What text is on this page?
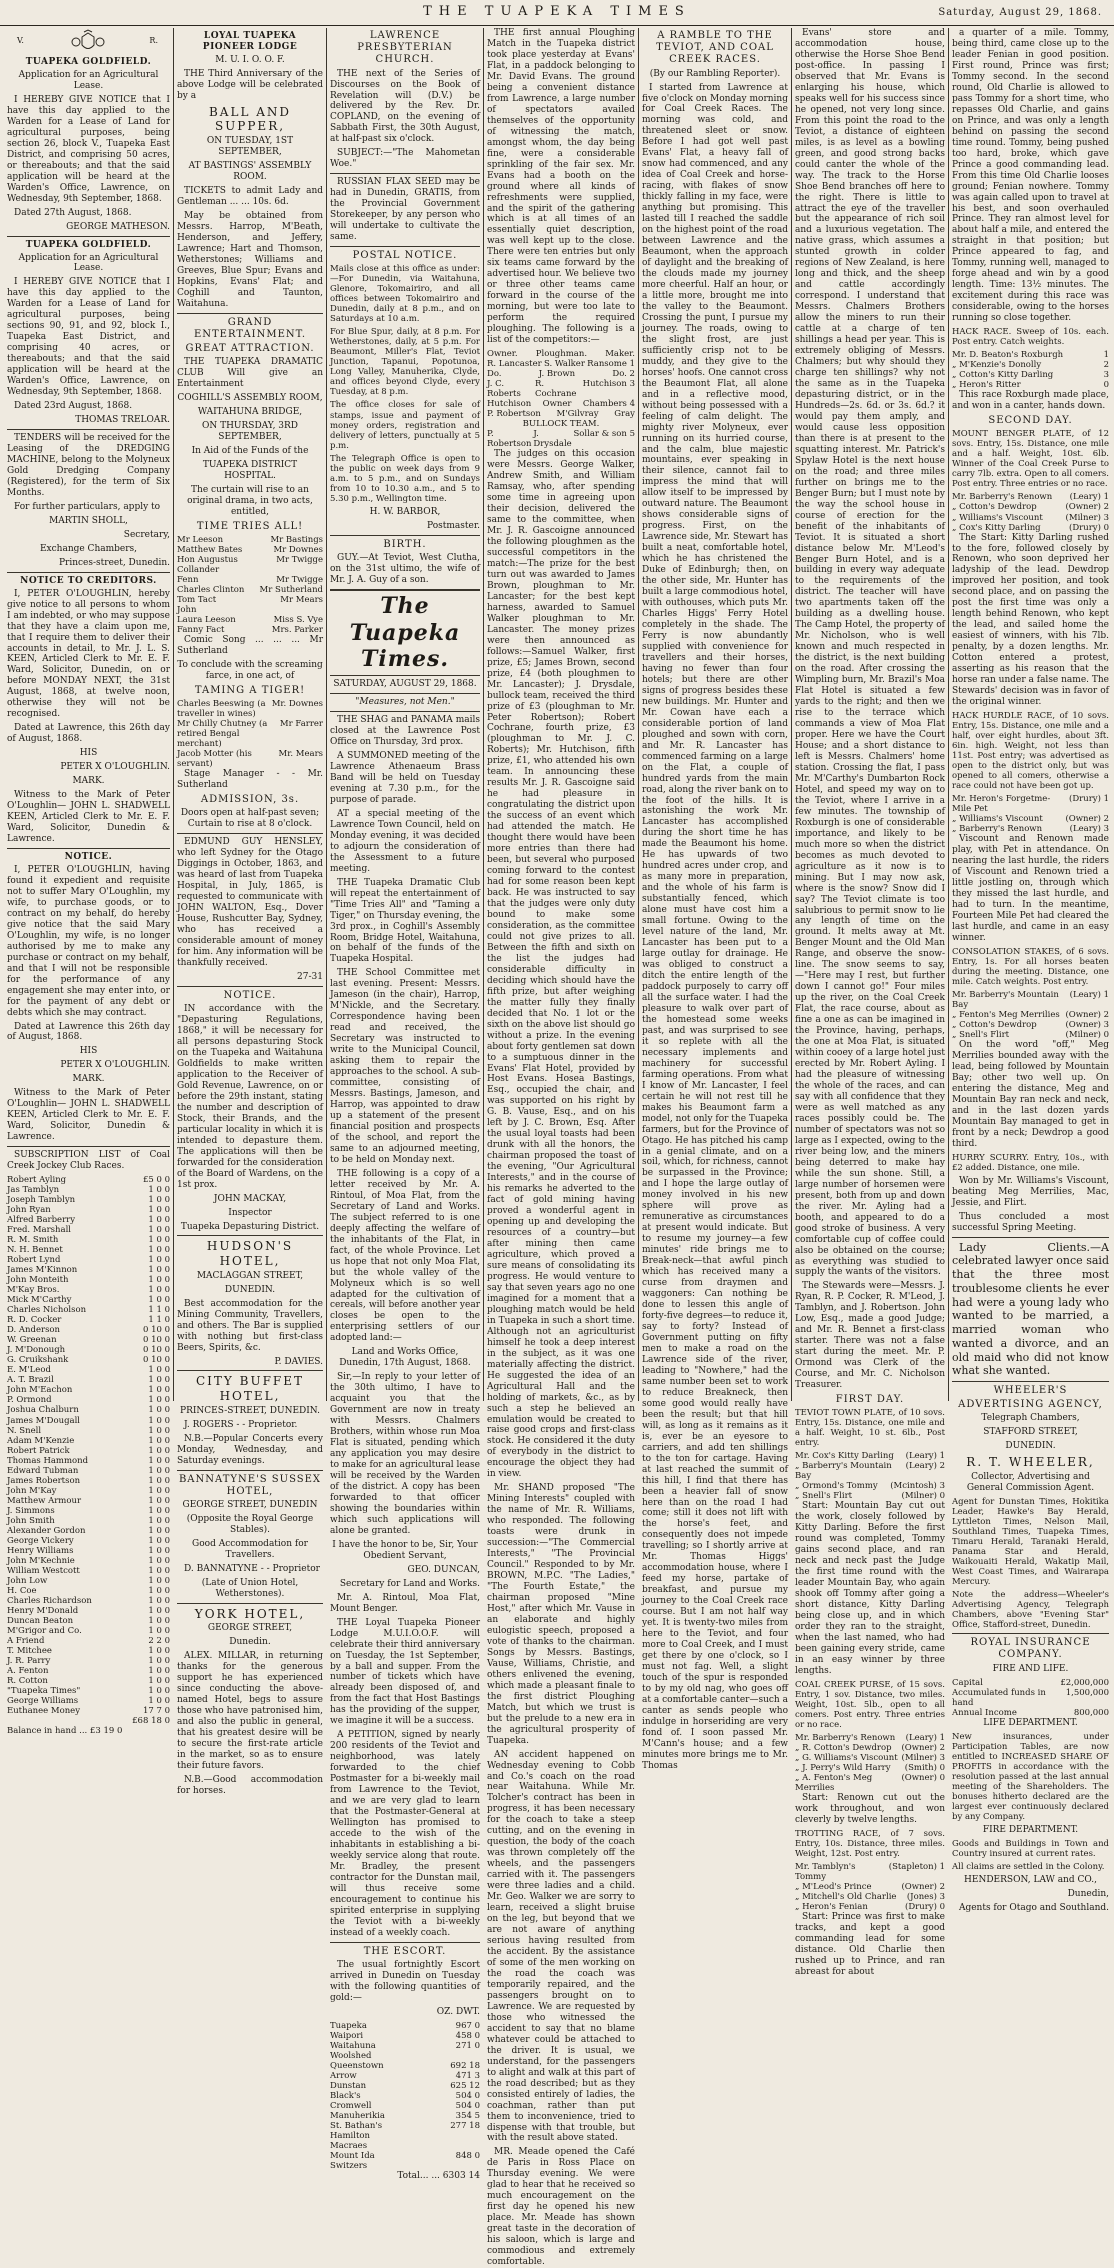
THE TUAPEKA TIMES	Saturday, August 29, 1868.
V.	R.
TUAPEKA GOLDFIELD.

Application for an Agricultural Lease.

I HEREBY GIVE NOTICE that I have this day applied to the Warden for a Lease of Land for agricultural purposes, being section 26, block V., Tuapeka East District, and comprising 50 acres, or thereabouts; and that the said application will be heard at the Warden's Office, Lawrence, on Wednesday, 9th September, 1868.

Dated 27th August, 1868.

GEORGE MATHESON.

TUAPEKA GOLDFIELD.

Application for an Agricultural Lease.

I HEREBY GIVE NOTICE that I have this day applied to the Warden for a Lease of Land for agricultural purposes, being sections 90, 91, and 92, block I., Tuapeka East District, and comprising 40 acres, or thereabouts; and that the said application will be heard at the Warden's Office, Lawrence, on Wednesday, 9th September, 1868.

Dated 23rd August, 1868.

THOMAS TRELOAR.

TENDERS will be received for the Leasing of the DREDGING MACHINE, belong to the Molyneux Gold Dredging Company (Registered), for the term of Six Months.

For further particulars, apply to

MARTIN SHOLL,

Secretary,

Exchange Chambers,

Princes-street, Dunedin.

NOTICE TO CREDITORS.

I, PETER O'LOUGHLIN, hereby give notice to all persons to whom I am indebted, or who may suppose that they have a claim upon me, that I require them to deliver their accounts in detail, to Mr. J. L. S. KEEN, Articled Clerk to Mr. E. F. Ward, Solicitor, Dunedin, on or before MONDAY NEXT, the 31st August, 1868, at twelve noon, otherwise they will not be recognised.

Dated at Lawrence, this 26th day of August, 1868.

HIS

PETER X O'LOUGHLIN.

MARK.

Witness to the Mark of Peter O'Loughlin— JOHN L. SHADWELL KEEN, Articled Clerk to Mr. E. F. Ward, Solicitor, Dunedin & Lawrence.

NOTICE.

I, PETER O'LOUGHLIN, having found it expedient and requisite not to suffer Mary O'Loughlin, my wife, to purchase goods, or to contract on my behalf, do hereby give notice that the said Mary O'Loughlin, my wife, is no longer authorised by me to make any purchase or contract on my behalf, and that I will not be responsible for the performance of any engagement she may enter into, or for the payment of any debt or debts which she may contract.

Dated at Lawrence this 26th day of August, 1868.

HIS

PETER X O'LOUGHLIN.

MARK.

Witness to the Mark of Peter O'Loughlin— JOHN L. SHADWELL KEEN, Articled Clerk to Mr. E. F. Ward, Solicitor, Dunedin & Lawrence.

SUBSCRIPTION LIST of Coal Creek Jockey Club Races.

Robert Ayling	£5 0 0
Jas Tamblyn	1 0 0
Joseph Tamblyn	1 0 0
John Ryan	1 0 0
Alfred Barberry	1 0 0
Fred. Marshall	1 0 0
R. M. Smith	1 0 0
N. H. Bennet	1 0 0
Robert Lynd	1 0 0
James M'Kinnon	1 0 0
John Monteith	1 0 0
M'Kay Bros.	1 0 0
Mick M'Carthy	1 0 0
Charles Nicholson	1 1 0
R. D. Cocker	1 1 0
D. Anderson	0 10 0
W. Greenan	0 10 0
J. M'Donough	0 10 0
G. Cruikshank	0 10 0
E. M'Leod	1 0 0
A. T. Brazil	1 0 0
John M'Eachon	1 0 0
P. Ormond	1 0 0
Joshua Chalburn	1 0 0
James M'Dougall	1 0 0
N. Snell	1 0 0
Adam M'Kenzie	1 0 0
Robert Patrick	1 0 0
Thomas Hammond	1 0 0
Edward Tubman	1 0 0
James Robertson	1 0 0
John M'Kay	1 0 0
Matthew Armour	1 0 0
J. Simmons	1 0 0
John Smith	1 0 0
Alexander Gordon	1 0 0
George Vickery	1 0 0
Henry Williams	1 0 0
John M'Kechnie	1 0 0
William Westcott	1 0 0
John Low	1 0 0
H. Coe	1 0 0
Charles Richardson	1 0 0
Henry M'Donald	1 0 0
Duncan Beaton	1 0 0
M'Grigor and Co.	1 0 0
A Friend	2 2 0
T. Mitchee	1 0 0
J. R. Parry	1 0 0
A. Fenton	1 0 0
R. Cotton	1 0 0
"Tuapeka Times"	1 0 0
George Williams	1 0 0
Euthanee Money	17 7 0
£68 18 0
Balance in hand ... £3 19 0
LOYAL TUAPEKA PIONEER LODGE

M. U. I. O. O. F.

THE Third Anniversary of the above Lodge will be celebrated by a

BALL AND SUPPER,

ON TUESDAY, 1ST SEPTEMBER,

AT BASTINGS' ASSEMBLY ROOM.

TICKETS to admit Lady and Gentleman ... ... 10s. 6d.

May be obtained from Messrs. Harrop, M'Beath, Henderson, and Jeffery, Lawrence; Hart and Thomson, Wetherstones; Williams and Greeves, Blue Spur; Evans and Hopkins, Evans' Flat; and Coghill and Taunton, Waitahuna.

GRAND ENTERTAINMENT.
GREAT ATTRACTION.

THE TUAPEKA DRAMATIC CLUB Will give an Entertainment

COGHILL'S ASSEMBLY ROOM,

WAITAHUNA BRIDGE,

ON THURSDAY, 3RD SEPTEMBER,

In Aid of the Funds of the

TUAPEKA DISTRICT HOSPITAL.

The curtain will rise to an original drama, in two acts, entitled,

TIME TRIES ALL!
Mr Leeson	Mr Bastings
Matthew Bates	Mr Downes
Hon Augustus Collander
Mr Twigge
Fenn	Mr Twigge
Charles Clinton Mr Sutherland
Tom Tact	Mr Mears
John
Laura Leeson	Miss S. Vye
Fanny Fact	Mrs. Parker

Comic Song ... ... ... Mr Sutherland

To conclude with the screaming farce, in one act, of

TAMING A TIGER!
Charles Beeswing (a traveller in wines)
Mr. Downes
Mr Chilly Chutney (a retired Bengal merchant)
Mr Farrer
Jacob Motter (his servant)
Mr. Mears

Stage Manager - - Mr. Sutherland

ADMISSION, 3s.

Doors open at half-past seven; Curtain to rise at 8 o'clock.

EDMUND GUY HENSLEY, who left Sydney for the Otago Diggings in October, 1863, and was heard of last from Tuapeka Hospital, in July, 1865, is requested to communicate with JOHN WALTON, Esq., Dover House, Rushcutter Bay, Sydney, who has received a considerable amount of money for him. Any information will be thankfully received.

27-31

NOTICE.

IN accordance with the "Depasturing Regulations, 1868," it will be necessary for all persons depasturing Stock on the Tuapeka and Waitahuna Goldfields to make written application to the Receiver of Gold Revenue, Lawrence, on or before the 29th instant, stating the number and description of Stock, their Brands, and the particular locality in which it is intended to depasture them. The applications will then be forwarded for the consideration of the Board of Wardens, on the 1st prox.

JOHN MACKAY,

Inspector

Tuapeka Depasturing District.

HUDSON'S HOTEL,

MACLAGGAN STREET,

DUNEDIN.

Best accommodation for the Mining Community, Travellers, and others. The Bar is supplied with nothing but first-class Beers, Spirits, &c.

P. DAVIES.

CITY BUFFET HOTEL,

PRINCES-STREET, DUNEDIN.

J. ROGERS - - Proprietor.

N.B.—Popular Concerts every Monday, Wednesday, and Saturday evenings.

BANNATYNE'S SUSSEX HOTEL,

GEORGE STREET, DUNEDIN

(Opposite the Royal George Stables).

Good Accommodation for Travellers.

D. BANNATYNE - - Proprietor

(Late of Union Hotel, Wetherstones).

YORK HOTEL,

GEORGE STREET,

Dunedin.

ALEX. MILLAR, in returning thanks for the generous support he has experienced since conducting the above-named Hotel, begs to assure those who have patronised him, and also the public in general, that his greatest desire will be to secure the first-rate article in the market, so as to ensure their future favors.

N.B.—Good accommodation for horses.

LAWRENCE PRESBYTERIAN CHURCH.

THE next of the Series of Discourses on the Book of Revelation will (D.V.) be delivered by the Rev. Dr. COPLAND, on the evening of Sabbath First, the 30th August, at half-past six o'clock.

SUBJECT:—"The Mahometan Woe."

RUSSIAN FLAX SEED may be had in Dunedin, GRATIS, from the Provincial Government Storekeeper, by any person who will undertake to cultivate the same.

POSTAL NOTICE.

Mails close at this office as under:—For Dunedin, via Waitahuna, Glenore, Tokomairiro, and all offices between Tokomairiro and Dunedin, daily at 8 p.m., and on Saturdays at 10 a.m.

For Blue Spur, daily, at 8 p.m. For Wetherstones, daily, at 5 p.m. For Beaumont, Miller's Flat, Teviot Junction, Tapanui, Popotunoa, Long Valley, Manuherika, Clyde, and offices beyond Clyde, every Tuesday, at 8 p.m.

The office closes for sale of stamps, issue and payment of money orders, registration and delivery of letters, punctually at 5 p.m.

The Telegraph Office is open to the public on week days from 9 a.m. to 5 p.m., and on Sundays from 10 to 10.30 a.m., and 5 to 5.30 p.m., Wellington time.

H. W. BARBOR,

Postmaster.

BIRTH.

GUY.—At Teviot, West Clutha, on the 31st ultimo, the wife of Mr. J. A. Guy of a son.

The Tuapeka Times.

SATURDAY, AUGUST 29, 1868.

"Measures, not Men."

THE SHAG and PANAMA mails closed at the Lawrence Post Office on Thursday, 3rd prox.

A SUMMONED meeting of the Lawrence Athenaeum Brass Band will be held on Tuesday evening at 7.30 p.m., for the purpose of parade.

AT a special meeting of the Lawrence Town Council, held on Monday evening, it was decided to adjourn the consideration of the Assessment to a future meeting.

THE Tuapeka Dramatic Club will repeat the entertainment of "Time Tries All" and "Taming a Tiger," on Thursday evening, the 3rd prox., in Coghill's Assembly Room, Bridge Hotel, Waitahuna, on behalf of the funds of the Tuapeka Hospital.

THE School Committee met last evening. Present: Messrs. Jameson (in the chair), Harrop, M'Nickle, and the Secretary. Correspondence having been read and received, the Secretary was instructed to write to the Municipal Council, asking them to repair the approaches to the school. A sub-committee, consisting of Messrs. Bastings, Jameson, and Harrop, was appointed to draw up a statement of the present financial position and prospects of the school, and report the same to an adjourned meeting, to be held on Monday next.

THE following is a copy of a letter received by Mr. A. Rintoul, of Moa Flat, from the Secretary of Land and Works. The subject referred to is one deeply affecting the welfare of the inhabitants of the Flat, in fact, of the whole Province. Let us hope that not only Moa Flat, but the whole valley of the Molyneux which is so well adapted for the cultivation of cereals, will before another year closes be open to the enterprising settlers of our adopted land:—

Land and Works Office, Dunedin, 17th August, 1868.

Sir,—In reply to your letter of the 30th ultimo, I have to acquaint you that the Government are now in treaty with Messrs. Chalmers Brothers, within whose run Moa Flat is situated, pending which any application you may desire to make for an agricultural lease will be received by the Warden of the district. A copy has been forwarded to that officer showing the boundaries within which such applications will alone be granted.

I have the honor to be, Sir, Your Obedient Servant,

GEO. DUNCAN,

Secretary for Land and Works.

Mr. A. Rintoul, Moa Flat, Mount Benger.

THE Loyal Tuapeka Pioneer Lodge M.U.I.O.O.F. will celebrate their third anniversary on Tuesday, the 1st September, by a ball and supper. From the number of tickets which have already been disposed of, and from the fact that Host Bastings has the providing of the supper, we imagine it will be a success.

A PETITION, signed by nearly 200 residents of the Teviot and neighborhood, was lately forwarded to the chief Postmaster for a bi-weekly mail from Lawrence to the Teviot, and we are very glad to learn that the Postmaster-General at Wellington has promised to accede to the wish of the inhabitants in establishing a bi-weekly service along that route. Mr. Bradley, the present contractor for the Dunstan mail, will thus receive some encouragement to continue his spirited enterprise in supplying the Teviot with a bi-weekly instead of a weekly coach.

THE ESCORT.

The usual fortnightly Escort arrived in Dunedin on Tuesday with the following quantities of gold:—

OZ. DWT.

Tuapeka	967 0
Waipori	458 0
Waitahuna	271 0
Woolshed
Queenstown	692 18
Arrow	471 3
Dunstan	625 12
Black's	504 0
Cromwell	504 0
Manuherikia	354 5
St. Bathan's	277 18
Hamilton
Macraes
Mount Ida	848 0
Switzers

Total... ... 6303 14

THE first annual Ploughing Match in the Tuapeka district took place yesterday at Evans' Flat, in a paddock belonging to Mr. David Evans. The ground being a convenient distance from Lawrence, a large number of spectators availed themselves of the opportunity of witnessing the match, amongst whom, the day being fine, were a considerable sprinkling of the fair sex. Mr. Evans had a booth on the ground where all kinds of refreshments were supplied, and the spirit of the gathering which is at all times of an essentially quiet description, was well kept up to the close. There were ten entries but only six teams came forward by the advertised hour. We believe two or three other teams came forward in the course of the morning, but were too late to perform the required ploughing. The following is a list of the competitors:—

Owner. Ploughman. Maker.
R. Lancaster S. Walker Ransome 1
Do.	J. Brown	Do. 2
J. C. Roberts
R. Cochrane
Hutchison 3
Hutchison Owner Chambers 4
P. Robertson M'Gilvray Gray
BULLOCK TEAM.
P. Robertson
J. Drysdale
Sollar & son 5

The judges on this occasion were Messrs. George Walker, Andrew Smith, and William Ramsay, who, after spending some time in agreeing upon their decision, delivered the same to the committee, when Mr. J. R. Gascoigne announced the following ploughmen as the successful competitors in the match:—The prize for the best turn out was awarded to James Brown, ploughman to Mr. Lancaster; for the best kept harness, awarded to Samuel Walker ploughman to Mr. Lancaster. The money prizes were then announced as follows:—Samuel Walker, first prize, £5; James Brown, second prize, £4 (both ploughmen to Mr. Lancaster); J. Drysdale, bullock team, received the third prize of £3 (ploughman to Mr. Peter Robertson); Robert Cochrane, fourth prize, £3 (ploughman to Mr. J. C. Roberts); Mr. Hutchison, fifth prize, £1, who attended his own team. In announcing these results Mr. J. R. Gascoigne said he had pleasure in congratulating the district upon the success of an event which had attended the match. He thought there would have been more entries than there had been, but several who purposed coming forward to the contest had for some reason been kept back. He was instructed to say that the judges were only duty bound to make some consideration, as the committee could not give prizes to all. Between the fifth and sixth on the list the judges had considerable difficulty in deciding which should have the fifth prize, but after weighing the matter fully they finally decided that No. 1 lot or the sixth on the above list should go without a prize. In the evening about forty gentlemen sat down to a sumptuous dinner in the Evans' Flat Hotel, provided by Host Evans. Hosea Bastings, Esq., occupied the chair, and was supported on his right by G. B. Vause, Esq., and on his left by J. C. Brown, Esq. After the usual loyal toasts had been drunk with all the honors, the chairman proposed the toast of the evening, "Our Agricultural Interests," and in the course of his remarks he adverted to the fact of gold mining having proved a wonderful agent in opening up and developing the resources of a country—but after mining then came agriculture, which proved a sure means of consolidating its progress. He would venture to say that seven years ago no one imagined for a moment that a ploughing match would be held in Tuapeka in such a short time. Although not an agriculturist himself he took a deep interest in the subject, as it was one materially affecting the district. He suggested the idea of an Agricultural Hall and the holding of markets, &c., as by such a step he believed an emulation would be created to raise good crops and first-class stock. He considered it the duty of everybody in the district to encourage the object they had in view.

Mr. SHAND proposed "The Mining Interests" coupled with the name of Mr. R. Williams, who responded. The following toasts were drunk in succession:—"The Commercial Interests," "The Provincial Council." Responded to by Mr. BROWN, M.P.C. "The Ladies," "The Fourth Estate," the chairman proposed "Mine Host," after which Mr. Vause in an elaborate and highly eulogistic speech, proposed a vote of thanks to the chairman. Songs by Messrs. Bastings, Vause, Williams, Christie, and others enlivened the evening, which made a pleasant finale to the first district Ploughing Match, but which we trust is but the prelude to a new era in the agricultural prosperity of Tuapeka.

AN accident happened on Wednesday evening to Cobb and Co.'s coach on the road near Waitahuna. While Mr. Tolcher's contract has been in progress, it has been necessary for the coach to take a steep cutting, and on the evening in question, the body of the coach was thrown completely off the wheels, and the passengers carried with it. The passengers were three ladies and a child. Mr. Geo. Walker we are sorry to learn, received a slight bruise on the leg, but beyond that we are not aware of anything serious having resulted from the accident. By the assistance of some of the men working on the road the coach was temporarily repaired, and the passengers brought on to Lawrence. We are requested by those who witnessed the accident to say that no blame whatever could be attached to the driver. It is usual, we understand, for the passengers to alight and walk at this part of the road described; but as they consisted entirely of ladies, the coachman, rather than put them to inconvenience, tried to dispense with that trouble, but with the result above stated.

MR. Meade opened the Café de Paris in Ross Place on Thursday evening. We were glad to hear that he received so much encouragement on the first day he opened his new place. Mr. Meade has shown great taste in the decoration of his saloon, which is large and commodious and extremely comfortable.

A RAMBLE TO THE TEVIOT, AND COAL CREEK RACES.

(By our Rambling Reporter).

I started from Lawrence at five o'clock on Monday morning for Coal Creek Races. The morning was cold, and threatened sleet or snow. Before I had got well past Evans' Flat, a heavy fall of snow had commenced, and any idea of Coal Creek and horse-racing, with flakes of snow thickly falling in my face, were anything but promising. This lasted till I reached the saddle on the highest point of the road between Lawrence and the Beaumont, when the approach of daylight and the breaking of the clouds made my journey more cheerful. Half an hour, or a little more, brought me into the valley to the Beaumont. Crossing the punt, I pursue my journey. The roads, owing to the slight frost, are just sufficiently crisp not to be muddy, and they give to the horses' hoofs. One cannot cross the Beaumont Flat, all alone and in a reflective mood, without being possessed with a feeling of calm delight. The mighty river Molyneux, ever running on its hurried course, and the calm, blue majestic mountains, ever speaking in their silence, cannot fail to impress the mind that will allow itself to be impressed by outward nature. The Beaumont shows considerable signs of progress. First, on the Lawrence side, Mr. Stewart has built a neat, comfortable hotel, which he has christened the Duke of Edinburgh; then, on the other side, Mr. Hunter has built a large commodious hotel, with outhouses, which puts Mr. Charles Higgs' Ferry Hotel completely in the shade. The Ferry is now abundantly supplied with convenience for travellers and their horses, having no fewer than four hotels; but there are other signs of progress besides these new buildings. Mr. Hunter and Mr. Cowan have each a considerable portion of land ploughed and sown with corn, and Mr. R. Lancaster has commenced farming on a large on the Flat, a couple of hundred yards from the main road, along the river bank on to the foot of the hills. It is astonishing the work Mr. Lancaster has accomplished during the short time he has made the Beaumont his home. He has upwards of two hundred acres under crop, and as many more in preparation, and the whole of his farm is substantially fenced, which alone must have cost him a small fortune. Owing to the level nature of the land, Mr. Lancaster has been put to a large outlay for drainage. He was obliged to construct a ditch the entire length of the paddock purposely to carry off all the surface water. I had the pleasure to walk over part of the homestead some weeks past, and was surprised to see it so replete with all the necessary implements and machinery for successful farming operations. From what I know of Mr. Lancaster, I feel certain he will not rest till he makes his Beaumont farm a model, not only for the Tuapeka farmers, but for the Province of Otago. He has pitched his camp in a genial climate, and on a soil, which, for richness, cannot be surpassed in the Province; and I hope the large outlay of money involved in his new sphere will prove as remunerative as circumstances at present would indicate. But to resume my journey—a few minutes' ride brings me to Break-neck—that awful pinch which has received many a curse from draymen and waggoners: Can nothing be done to lessen this angle of forty-five degrees—to reduce it, say to forty? Instead of Government putting on fifty men to make a road on the Lawrence side of the river, leading to "Nowhere," had the same number been set to work to reduce Breakneck, then some good would really have been the result; but that hill will, as long as it remains as it is, ever be an eyesore to carriers, and add ten shillings to the ton for cartage. Having at last reached the summit of this hill, I find that there has been a heavier fall of snow here than on the road I had come; still it does not lift with the horse's feet, and consequently does not impede travelling; so I shortly arrive at Mr. Thomas Higgs' accommodation house, where I feed my horse, partake of breakfast, and pursue my journey to the Coal Creek race course. But I am not half way yet. It is twenty-two miles from here to the Teviot, and four more to Coal Creek, and I must get there by one o'clock, so I must not fag. Well, a slight touch of the spur is responded to by my old nag, who goes off at a comfortable canter—such a canter as sends people who indulge in horseriding are very fond of. I soon passed Mr. M'Cann's house; and a few minutes more brings me to Mr. Thomas

Evans' store and accommodation house, otherwise the Horse Shoe Bend post-office. In passing I observed that Mr. Evans is enlarging his house, which speaks well for his success since he opened, not very long since. From this point the road to the Teviot, a distance of eighteen miles, is as level as a bowling green, and good strong backs could canter the whole of the way. The track to the Horse Shoe Bend branches off here to the right. There is little to attract the eye of the traveller but the appearance of rich soil and a luxurious vegetation. The native grass, which assumes a stunted growth in colder regions of New Zealand, is here long and thick, and the sheep and cattle accordingly correspond. I understand that Messrs. Chalmers Brothers allow the miners to run their cattle at a charge of ten shillings a head per year. This is extremely obliging of Messrs. Chalmers; but why should they charge ten shillings? why not the same as in the Tuapeka depasturing district, or in the Hundreds—2s. 6d. or 3s. 6d.? it would pay them amply, and would cause less opposition than there is at present to the squatting interest. Mr. Patrick's Spylaw Hotel is the next house on the road; and three miles further on brings me to the Benger Burn; but I must note by the way the school house in course of erection for the benefit of the inhabitants of Teviot. It is situated a short distance below Mr. M'Leod's Benger Burn Hotel, and is a building in every way adequate to the requirements of the district. The teacher will have two apartments taken off the building as a dwelling house. The Camp Hotel, the property of Mr. Nicholson, who is well known and much respected in the district, is the next building on the road. After crossing the Wimpling burn, Mr. Brazil's Moa Flat Hotel is situated a few yards to the right; and then we rise to the terrace which commands a view of Moa Flat proper. Here we have the Court House; and a short distance to left is Messrs. Chalmers' home station. Crossing the flat, I pass Mr. M'Carthy's Dumbarton Rock Hotel, and speed my way on to the Teviot, where I arrive in a few minutes. The township of Roxburgh is one of considerable importance, and likely to be much more so when the district becomes as much devoted to agriculture as it now is to mining. But I may now ask, where is the snow? Snow did I say? The Teviot climate is too salubrious to permit snow to lie any length of time on the ground. It melts away at Mt. Benger Mount and the Old Man Range, and observe the snow-line. The snow seems to say,—"Here may I rest, but further down I cannot go!" Four miles up the river, on the Coal Creek Flat, the race course, about as fine a one as can be imagined in the Province, having, perhaps, the one at Moa Flat, is situated within cooey of a large hotel just erected by Mr. Robert Ayling. I had the pleasure of witnessing the whole of the races, and can say with all confidence that they were as well matched as any races possibly could be. The number of spectators was not so large as I expected, owing to the river being low, and the miners being deterred to make hay while the sun shone. Still, a large number of horsemen were present, both from up and down the river. Mr. Ayling had a booth, and appeared to do a good stroke of business. A very comfortable cup of coffee could also be obtained on the course; as everything was studied to supply the wants of the visitors.

The Stewards were—Messrs. J. Ryan, R. P. Cocker, R. M'Leod, J. Tamblyn, and J. Robertson. John Low, Esq., made a good Judge; and Mr. R. Bennet a first-class starter. There was not a false start during the meet. Mr. P. Ormond was Clerk of the Course, and Mr. C. Nicholson Treasurer.

FIRST DAY.

TEVIOT TOWN PLATE, of 10 sovs. Entry, 15s. Distance, one mile and a half. Weight, 10 st. 6lb., Post entry.

Mr. Cox's Kitty Darling (Leary) 1
„ Barberry's Mountain Bay
(Leary) 2
„ Ormond's Tommy (Mcintosh) 3
„ Snell's Flirt	(Milner) 0

Start: Mountain Bay cut out the work, closely followed by Kitty Darling. Before the first round was completed, Tommy gains second place, and ran neck and neck past the Judge the first time round with the leader Mountain Bay, who again shook off Tommy after going a short distance, Kitty Darling being close up, and in which order they ran to the straight, when the last named, who had been gaining every stride, came in an easy winner by three lengths.

COAL CREEK PURSE, of 15 sovs. Entry, 1 sov. Distance, two miles. Weight, 10st. 5lb., open to all comers. Post entry. Three entries or no race.

Mr. Barberry's Renown (Leary) 1
„ R. Cotton's Dewdrop (Owner) 2
„ G. Williams's Viscount (Milner) 3
„ J. Perry's Wild Harry (Smith) 0
„ A. Fenton's Meg Merrilies
(Owner) 0

Start: Renown cut out the work throughout, and won cleverly by twelve lengths.

TROTTING RACE, of 7 sovs. Entry, 10s. Distance, three miles. Weight, 12st. Post entry.

Mr. Tamblyn's Tommy
(Stapleton) 1
„ M'Leod's Prince	(Owner) 2
„ Mitchell's Old Charlie (Jones) 3
„ Heron's Fenian	(Drury) 0

Start: Prince was first to make tracks, and kept a good commanding lead for some distance. Old Charlie then rushed up to Prince, and ran abreast for about

a quarter of a mile. Tommy, being third, came close up to the leader Fenian in good position. First round, Prince was first; Tommy second. In the second round, Old Charlie is allowed to pass Tommy for a short time, who repasses Old Charlie, and gains on Prince, and was only a length behind on passing the second time round. Tommy, being pushed too hard, broke, which gave Prince a good commanding lead. From this time Old Charlie looses ground; Fenian nowhere. Tommy was again called upon to travel at his best, and soon overhauled Prince. They ran almost level for about half a mile, and entered the straight in that position; but Prince appeared to fag, and Tommy, running well, managed to forge ahead and win by a good length. Time: 13½ minutes. The excitement during this race was considerable, owing to the horses running so close together.

HACK RACE. Sweep of 10s. each. Post entry. Catch weights.

Mr. D. Beaton's Roxburgh	1
„ M'Kenzie's Donolly	2
„ Cotton's Kitty Darling	3
„ Heron's Ritter	0

This race Roxburgh made place, and won in a canter, hands down.

SECOND DAY.

MOUNT BENGER PLATE, of 12 sovs. Entry, 15s. Distance, one mile and a half. Weight, 10st. 6lb. Winner of the Coal Creek Purse to carry 7lb. extra. Open to all comers. Post entry. Three entries or no race.

Mr. Barberry's Renown (Leary) 1
„ Cotton's Dewdrop	(Owner) 2
„ Williams's Viscount	(Milner) 3
„ Cox's Kitty Darling	(Drury) 0

The Start: Kitty Darling rushed to the fore, followed closely by Renown, who soon deprived her ladyship of the lead. Dewdrop improved her position, and took second place, and on passing the post the first time was only a length behind Renown, who kept the lead, and sailed home the easiest of winners, with his 7lb. penalty, by a dozen lengths. Mr. Cotton entered a protest, asserting as his reason that the horse ran under a false name. The Stewards' decision was in favor of the original winner.

HACK HURDLE RACE, of 10 sovs. Entry, 15s. Distance, one mile and a half, over eight hurdles, about 3ft. 6in. high. Weight, not less than 11st. Post entry; was advertised as open to the district only, but was opened to all comers, otherwise a race could not have been got up.

Mr. Heron's Forgetme-Mile Pet
(Drury) 1
„ Williams's Viscount	(Owner) 2
„ Barberry's Renown	(Leary) 3

Viscount and Renown made play, with Pet in attendance. On nearing the last hurdle, the riders of Viscount and Renown tried a little jostling on, through which they missed the last hurdle, and had to turn. In the meantime, Fourteen Mile Pet had cleared the last hurdle, and came in an easy winner.

CONSOLATION STAKES, of 6 sovs. Entry, 1s. For all horses beaten during the meeting. Distance, one mile. Catch weights. Post entry.

Mr. Barberry's Mountain Bay
(Leary) 1
„ Fenton's Meg Merrilies (Owner) 2
„ Cotton's Dewdrop	(Owner) 3
„ Snell's Flirt	(Milner) 0

On the word "off," Meg Merrilies bounded away with the lead, being followed by Mountain Bay; other two well up. On entering the distance, Meg and Mountain Bay ran neck and neck, and in the last dozen yards Mountain Bay managed to get in front by a neck; Dewdrop a good third.

HURRY SCURRY. Entry, 10s., with £2 added. Distance, one mile.

Won by Mr. Williams's Viscount, beating Meg Merrilies, Mac, Jessie, and Flirt.

Thus concluded a most successful Spring Meeting.

Lady Clients.—A celebrated lawyer once said that the three most troublesome clients he ever had were a young lady who wanted to be married, a married woman who wanted a divorce, and an old maid who did not know what she wanted.

WHEELER'S
ADVERTISING AGENCY,

Telegraph Chambers,

STAFFORD STREET,

DUNEDIN.

R. T. WHEELER,

Collector, Advertising and General Commission Agent.

Agent for Dunstan Times, Hokitika Leader, Hawke's Bay Herald, Lyttleton Times, Nelson Mail, Southland Times, Tuapeka Times, Timaru Herald, Taranaki Herald, Panama Star and Herald, Waikouaiti Herald, Wakatip Mail, West Coast Times, and Wairarapa Mercury.

Note the address—Wheeler's Advertising Agency, Telegraph Chambers, above "Evening Star" Office, Stafford-street, Dunedin.

ROYAL INSURANCE COMPANY.

FIRE AND LIFE.

Capital	£2,000,000
Accumulated funds in hand
1,500,000
Annual Income	800,000

LIFE DEPARTMENT.

New insurances, under Participation Tables, are now entitled to INCREASED SHARE OF PROFITS in accordance with the resolution passed at the last annual meeting of the Shareholders. The bonuses hitherto declared are the largest ever continuously declared by any Company.

FIRE DEPARTMENT.

Goods and Buildings in Town and Country insured at current rates.

All claims are settled in the Colony.

HENDERSON, LAW and CO.,

Dunedin,

Agents for Otago and Southland.
